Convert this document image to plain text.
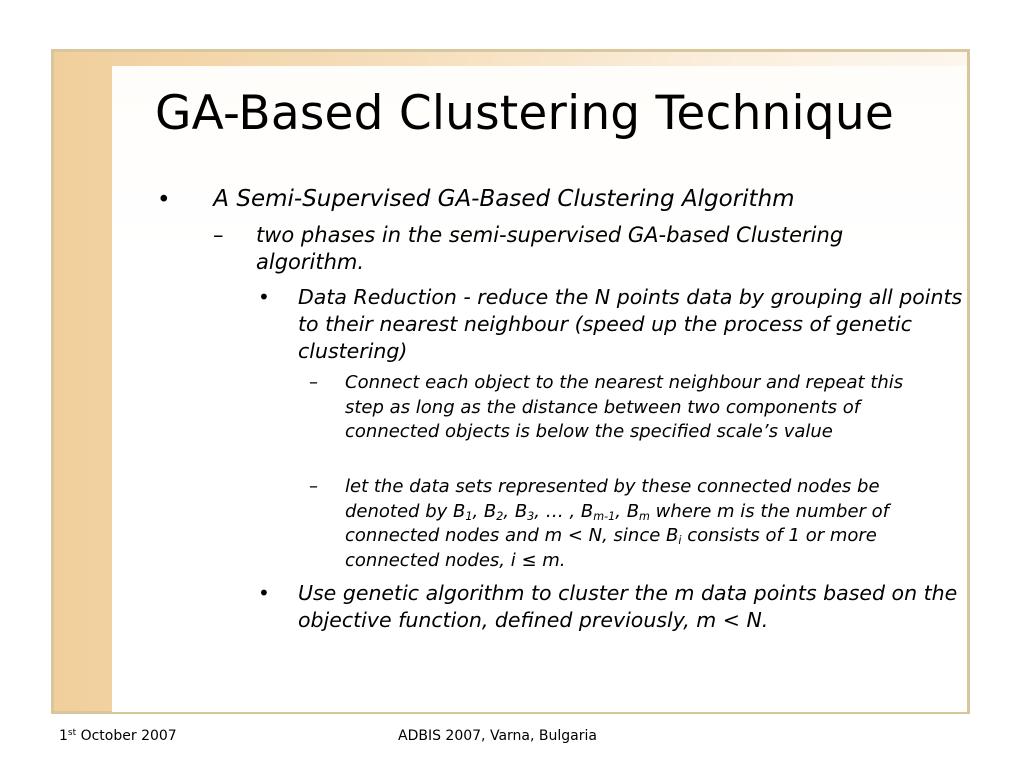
GA-Based Clustering Technique
• A Semi-Supervised GA-Based Clustering Algorithm
– two phases in the semi-supervised GA-based Clustering algorithm.
• Data Reduction - reduce the N points data by grouping all points to their nearest neighbour (speed up the process of genetic clustering)
– Connect each object to the nearest neighbour and repeat this step as long as the distance between two components of connected objects is below the specified scale’s value
– let the data sets represented by these connected nodes be denoted by $B_1$, $B_2$, $B_3$, … , $B_{m-1}$, $B_m$ where m is the number of connected nodes and m < N, since $B_i$ consists of 1 or more connected nodes, i ≤ m.
• Use genetic algorithm to cluster the m data points based on the objective function, defined previously, m < N.
1st October 2007	ADBIS 2007, Varna, Bulgaria
